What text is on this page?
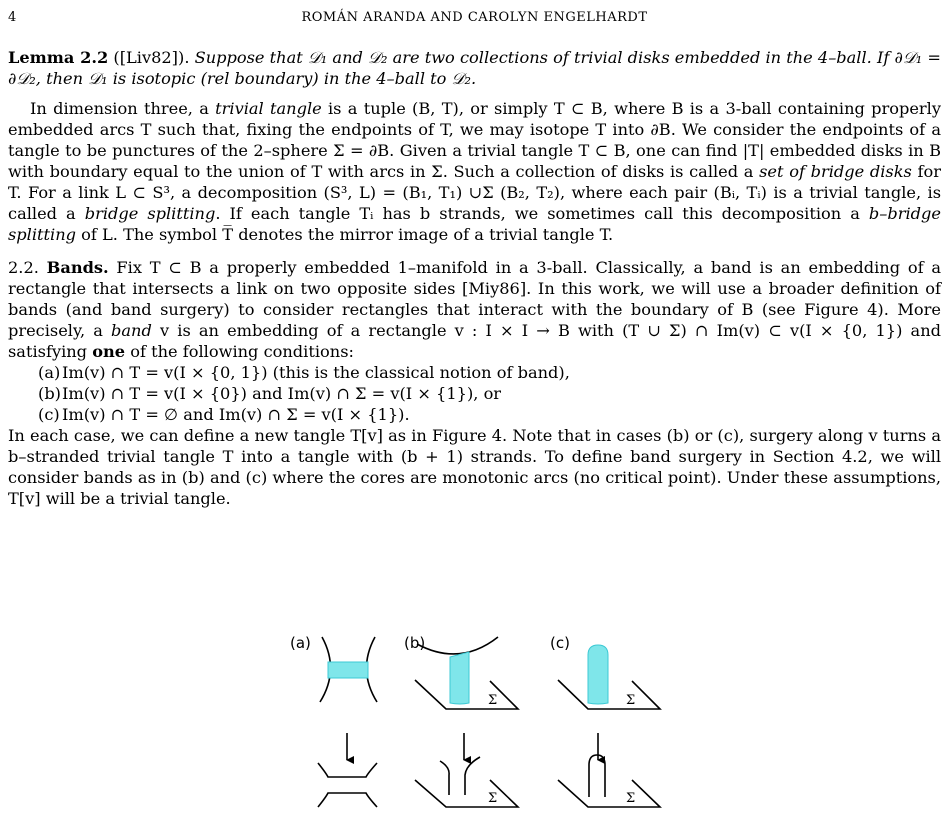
4	ROMÁN ARANDA AND CAROLYN ENGELHARDT

Lemma 2.2 ([Liv82]). Suppose that 𝒟₁ and 𝒟₂ are two collections of trivial disks embedded in the 4–ball. If ∂𝒟₁ = ∂𝒟₂, then 𝒟₁ is isotopic (rel boundary) in the 4–ball to 𝒟₂.

In dimension three, a trivial tangle is a tuple (B, T), or simply T ⊂ B, where B is a 3-ball containing properly embedded arcs T such that, fixing the endpoints of T, we may isotope T into ∂B. We consider the endpoints of a tangle to be punctures of the 2–sphere Σ = ∂B. Given a trivial tangle T ⊂ B, one can find |T| embedded disks in B with boundary equal to the union of T with arcs in Σ. Such a collection of disks is called a set of bridge disks for T. For a link L ⊂ S³, a decomposition (S³, L) = (B₁, T₁) ∪Σ (B₂, T₂), where each pair (Bᵢ, Tᵢ) is a trivial tangle, is called a bridge splitting. If each tangle Tᵢ has b strands, we sometimes call this decomposition a b–bridge splitting of L. The symbol T̅ denotes the mirror image of a trivial tangle T.

2.2. Bands. Fix T ⊂ B a properly embedded 1–manifold in a 3-ball. Classically, a band is an embedding of a rectangle that intersects a link on two opposite sides [Miy86]. In this work, we will use a broader definition of bands (and band surgery) to consider rectangles that interact with the boundary of B (see Figure 4). More precisely, a band v is an embedding of a rectangle v : I × I → B with (T ∪ Σ) ∩ Im(v) ⊂ v(I × {0, 1}) and satisfying one of the following conditions:

(a) Im(v) ∩ T = v(I × {0, 1}) (this is the classical notion of band),
(b) Im(v) ∩ T = v(I × {0}) and Im(v) ∩ Σ = v(I × {1}), or
(c) Im(v) ∩ T = ∅ and Im(v) ∩ Σ = v(I × {1}).

In each case, we can define a new tangle T[v] as in Figure 4. Note that in cases (b) or (c), surgery along v turns a b–stranded trivial tangle T into a tangle with (b + 1) strands. To define band surgery in Section 4.2, we will consider bands as in (b) and (c) where the cores are monotonic arcs (no critical point). Under these assumptions, T[v] will be a trivial tangle.

(a)	(b)	(c)
Σ	Σ
Σ	Σ
